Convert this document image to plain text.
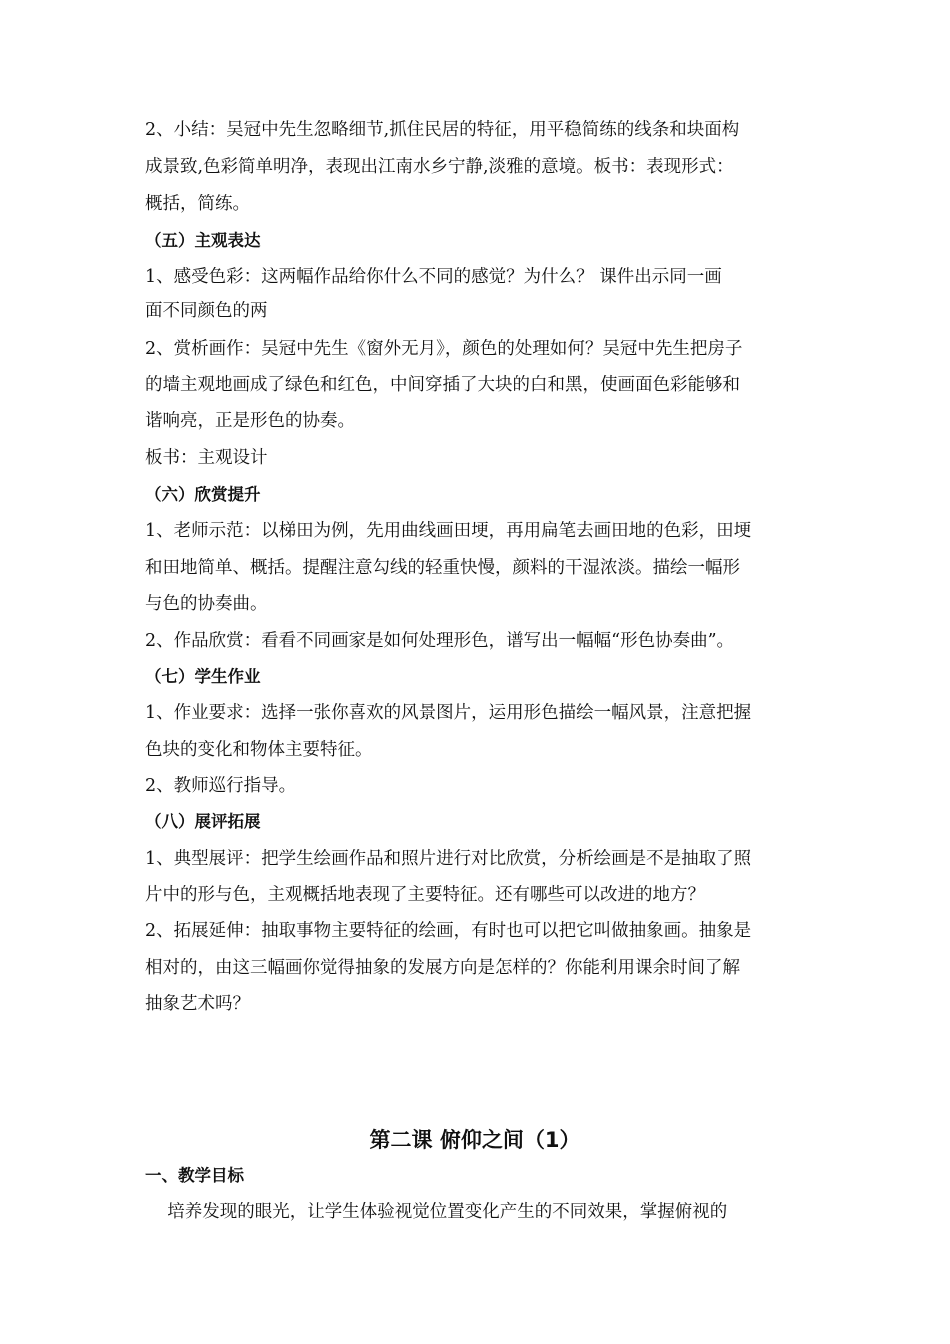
2、小结：吴冠中先生忽略细节,抓住民居的特征，用平稳简练的线条和块面构
成景致,色彩简单明净，表现出江南水乡宁静,淡雅的意境。板书：表现形式：
概括，简练。
（五）主观表达
1、感受色彩：这两幅作品给你什么不同的感觉？为什么？ 课件出示同一画
面不同颜色的两
2、赏析画作：吴冠中先生《窗外无月》，颜色的处理如何？吴冠中先生把房子
的墙主观地画成了绿色和红色，中间穿插了大块的白和黑，使画面色彩能够和
谐响亮，正是形色的协奏。
板书：主观设计
（六）欣赏提升
1、老师示范：以梯田为例，先用曲线画田埂，再用扁笔去画田地的色彩，田埂
和田地简单、概括。提醒注意勾线的轻重快慢，颜料的干湿浓淡。描绘一幅形
与色的协奏曲。
2、作品欣赏：看看不同画家是如何处理形色，谱写出一幅幅“形色协奏曲”。
（七）学生作业
1、作业要求：选择一张你喜欢的风景图片，运用形色描绘一幅风景，注意把握
色块的变化和物体主要特征。
2、教师巡行指导。
（八）展评拓展
1、典型展评：把学生绘画作品和照片进行对比欣赏，分析绘画是不是抽取了照
片中的形与色，主观概括地表现了主要特征。还有哪些可以改进的地方？
2、拓展延伸：抽取事物主要特征的绘画，有时也可以把它叫做抽象画。抽象是
相对的，由这三幅画你觉得抽象的发展方向是怎样的？你能利用课余时间了解
抽象艺术吗？
第二课 俯仰之间（1）
一、教学目标
培养发现的眼光，让学生体验视觉位置变化产生的不同效果，掌握俯视的
